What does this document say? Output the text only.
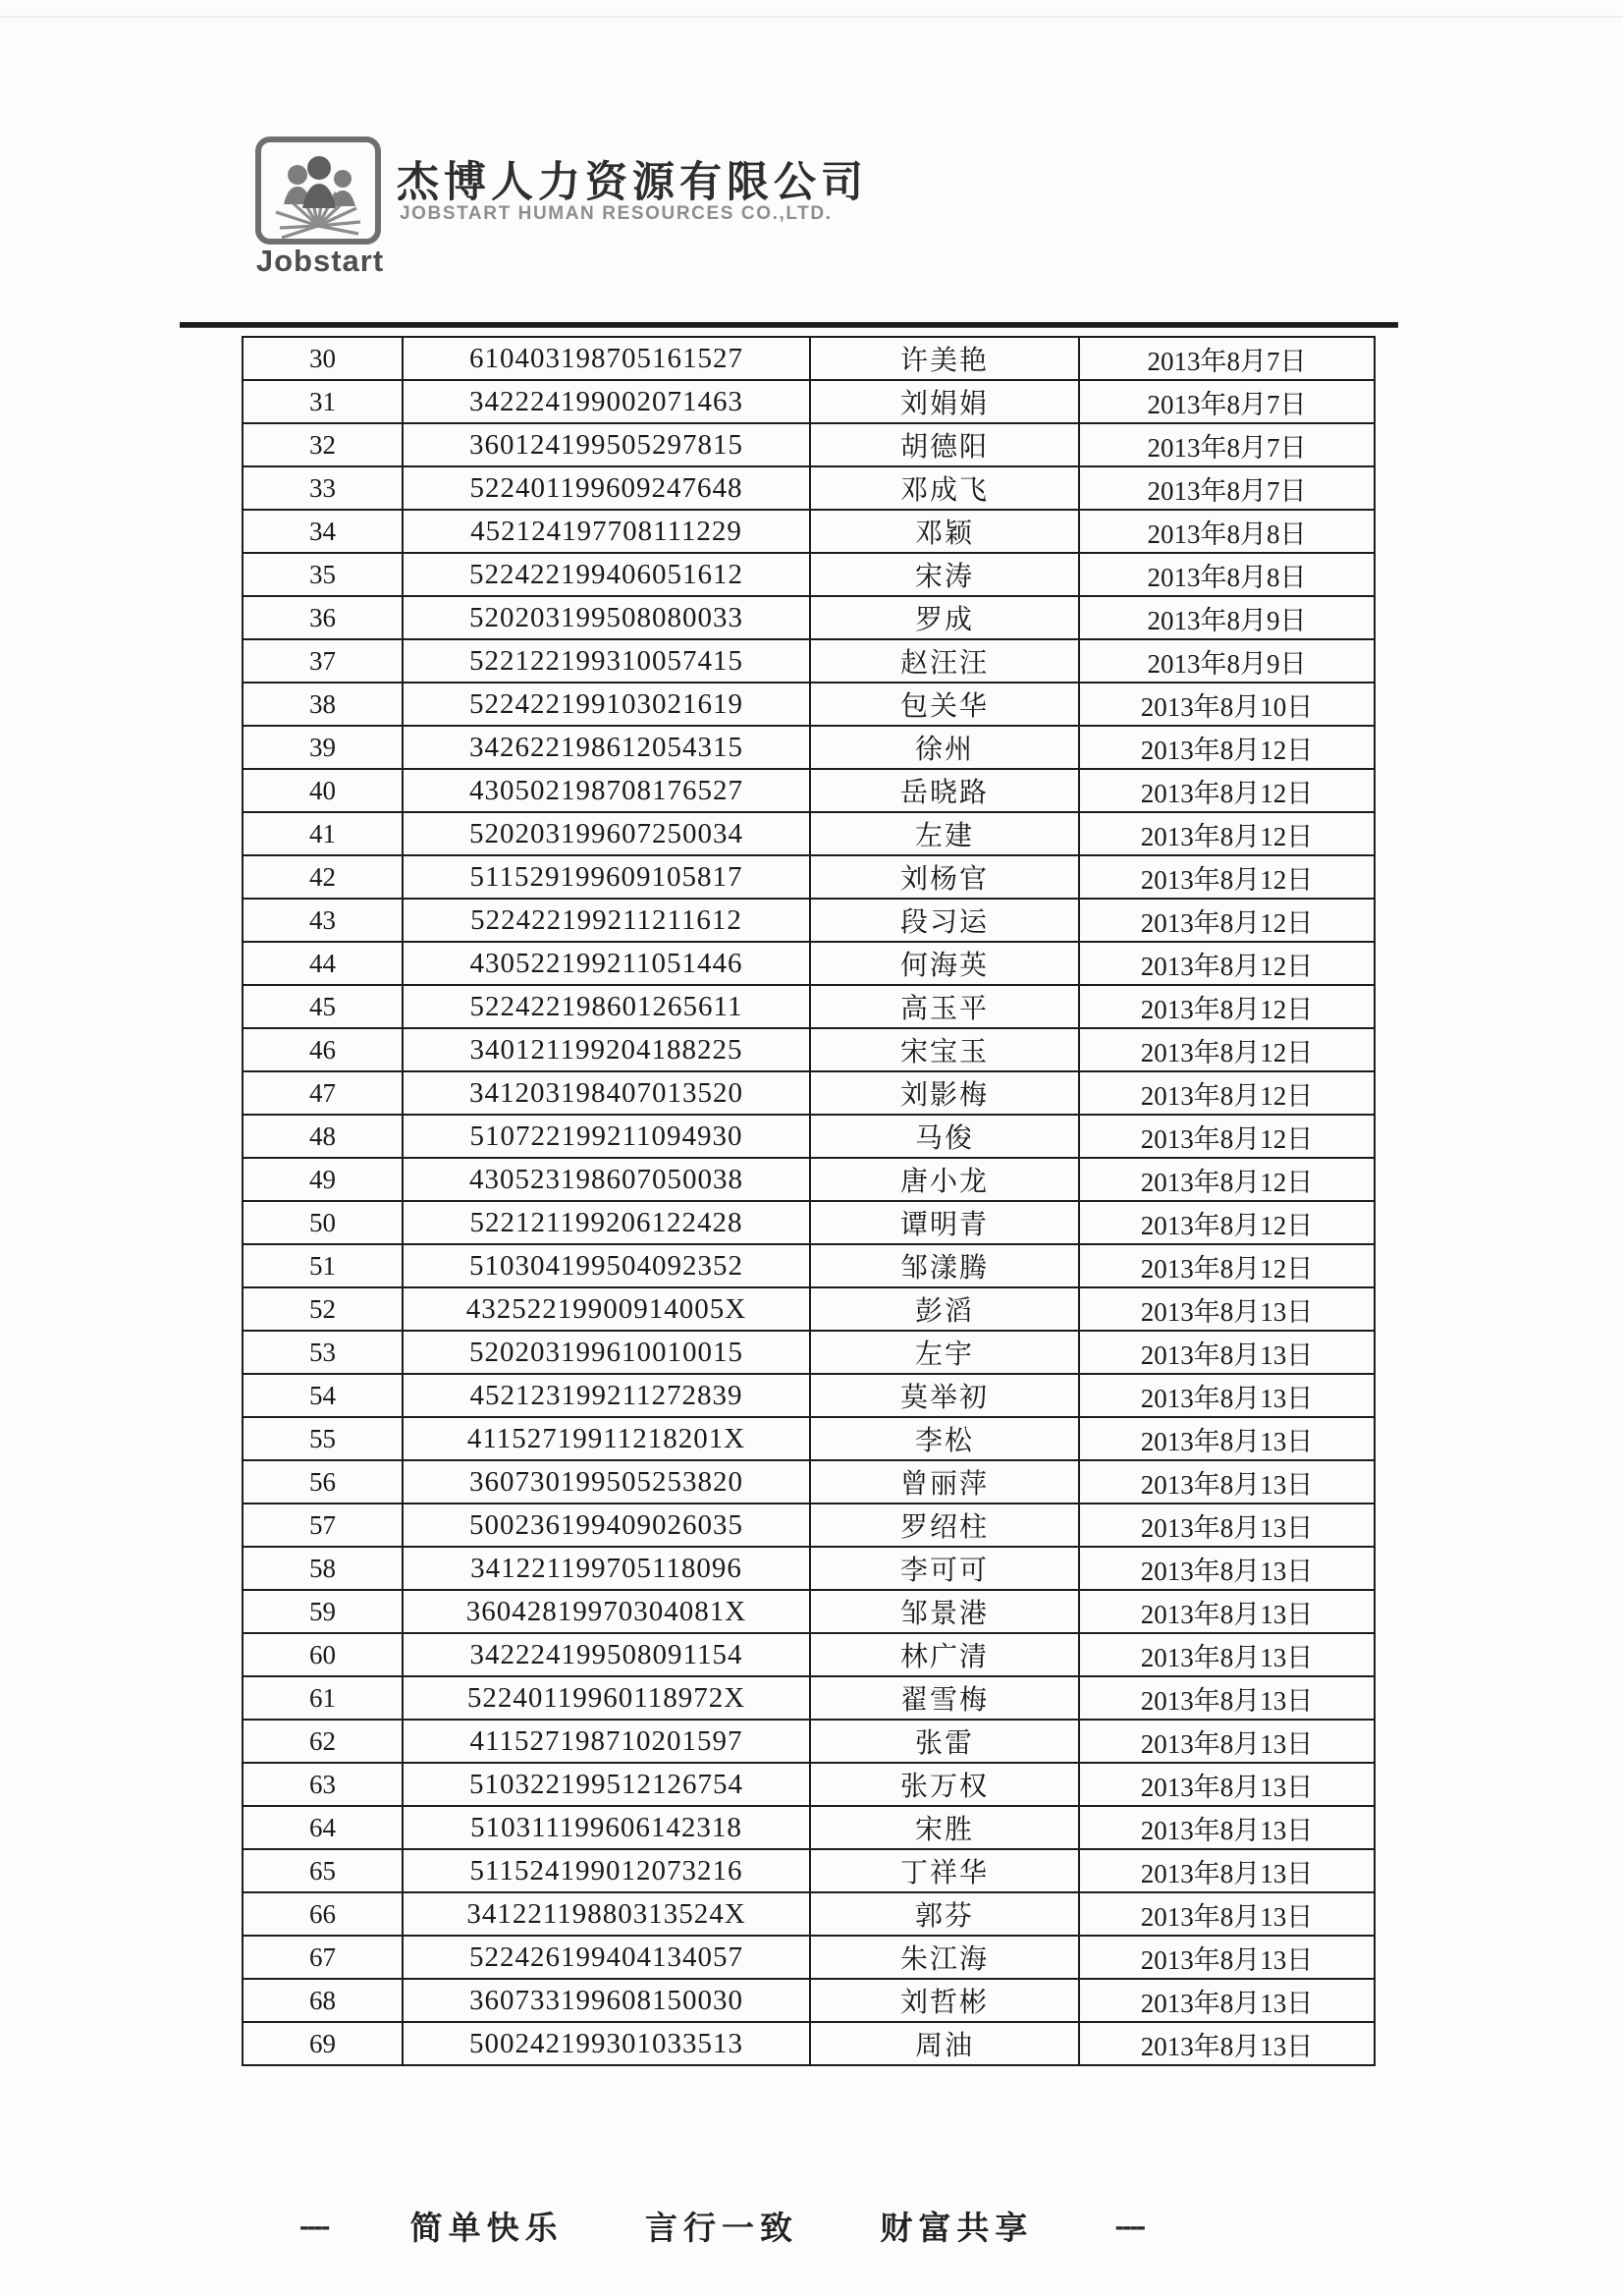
Jobstart
杰博人力资源有限公司
JOBSTART HUMAN RESOURCES CO.,LTD.
30	610403198705161527	许美艳	2013年8月7日
31	342224199002071463	刘娟娟	2013年8月7日
32	360124199505297815	胡德阳	2013年8月7日
33	522401199609247648	邓成飞	2013年8月7日
34	452124197708111229	邓颖	2013年8月8日
35	522422199406051612	宋涛	2013年8月8日
36	520203199508080033	罗成	2013年8月9日
37	522122199310057415	赵汪汪	2013年8月9日
38	522422199103021619	包关华	2013年8月10日
39	342622198612054315	徐州	2013年8月12日
40	430502198708176527	岳晓路	2013年8月12日
41	520203199607250034	左建	2013年8月12日
42	511529199609105817	刘杨官	2013年8月12日
43	522422199211211612	段习运	2013年8月12日
44	430522199211051446	何海英	2013年8月12日
45	522422198601265611	高玉平	2013年8月12日
46	340121199204188225	宋宝玉	2013年8月12日
47	341203198407013520	刘影梅	2013年8月12日
48	510722199211094930	马俊	2013年8月12日
49	430523198607050038	唐小龙	2013年8月12日
50	522121199206122428	谭明青	2013年8月12日
51	510304199504092352	邹漾腾	2013年8月12日
52	43252219900914005X	彭滔	2013年8月13日
53	520203199610010015	左宇	2013年8月13日
54	452123199211272839	莫举初	2013年8月13日
55	41152719911218201X	李松	2013年8月13日
56	360730199505253820	曾丽萍	2013年8月13日
57	500236199409026035	罗绍柱	2013年8月13日
58	341221199705118096	李可可	2013年8月13日
59	36042819970304081X	邹景港	2013年8月13日
60	342224199508091154	林广清	2013年8月13日
61	52240119960118972X	翟雪梅	2013年8月13日
62	411527198710201597	张雷	2013年8月13日
63	510322199512126754	张万权	2013年8月13日
64	510311199606142318	宋胜	2013年8月13日
65	511524199012073216	丁祥华	2013年8月13日
66	34122119880313524X	郭芬	2013年8月13日
67	522426199404134057	朱江海	2013年8月13日
68	360733199608150030	刘哲彬	2013年8月13日
69	500242199301033513	周油	2013年8月13日
----	简单快乐	言行一致	财富共享	----
